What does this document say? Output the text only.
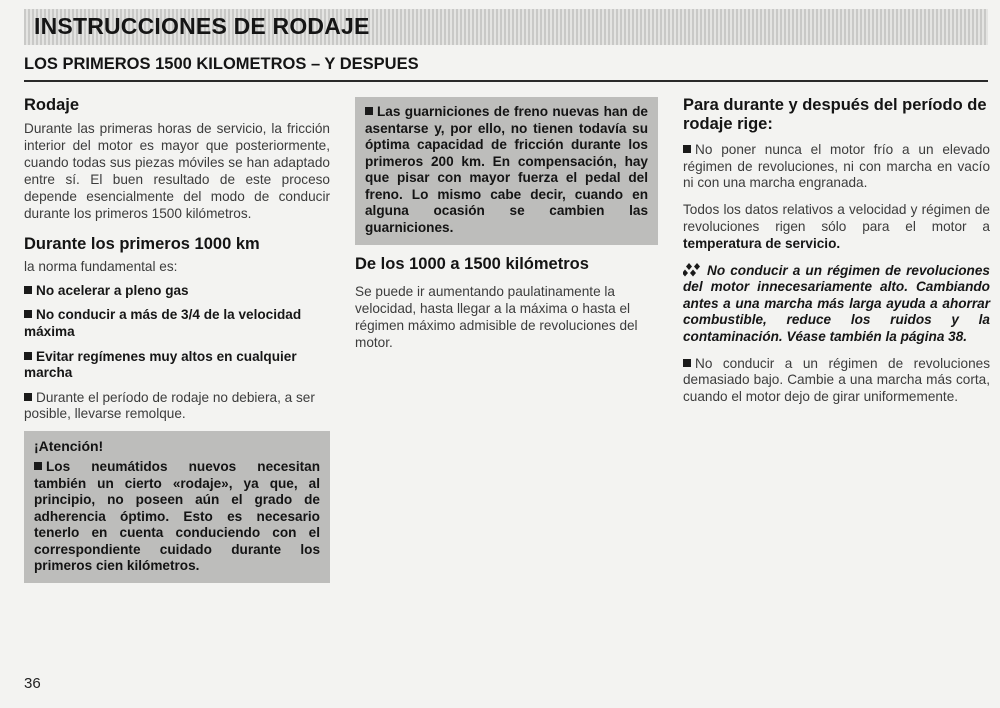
INSTRUCCIONES DE RODAJE
LOS PRIMEROS 1500 KILOMETROS – Y DESPUES
Rodaje

Durante las primeras horas de servicio, la fricción interior del motor es mayor que posteriormente, cuando todas sus piezas móviles se han adaptado entre sí. El buen resultado de este proceso depende esencialmente del modo de conducir durante los primeros 1500 kilómetros.

Durante los primeros 1000 km

la norma fundamental es:

No acelerar a pleno gas
No conducir a más de 3/4 de la velocidad máxima
Evitar regímenes muy altos en cualquier marcha
Durante el período de rodaje no debiera, a ser posible, llevarse remolque.
¡Atención!
Los neumátidos nuevos necesitan también un cierto «rodaje», ya que, al principio, no poseen aún el grado de adherencia óptimo. Esto es necesario tenerlo en cuenta conduciendo con el correspondiente cuidado durante los primeros cien kilómetros.
Las guarniciones de freno nuevas han de asentarse y, por ello, no tienen todavía su óptima capacidad de fricción durante los primeros 200 km. En compensación, hay que pisar con mayor fuerza el pedal del freno. Lo mismo cabe decir, cuando en alguna ocasión se cambien las guarniciones.
De los 1000 a 1500 kilómetros

Se puede ir aumentando paulatinamente la velocidad, hasta llegar a la máxima o hasta el régimen máximo admisible de revoluciones del motor.

Para durante y después del período de rodaje rige:
No poner nunca el motor frío a un elevado régimen de revoluciones, ni con marcha en vacío ni con una marcha engranada.

Todos los datos relativos a velocidad y régimen de revoluciones rigen sólo para el motor a temperatura de servicio.

No conducir a un régimen de revoluciones del motor innecesariamente alto. Cambiando antes a una marcha más larga ayuda a ahorrar combustible, reduce los ruidos y la contaminación. Véase también la página 38.
No conducir a un régimen de revoluciones demasiado bajo. Cambie a una marcha más corta, cuando el motor dejo de girar uniformemente.
36
